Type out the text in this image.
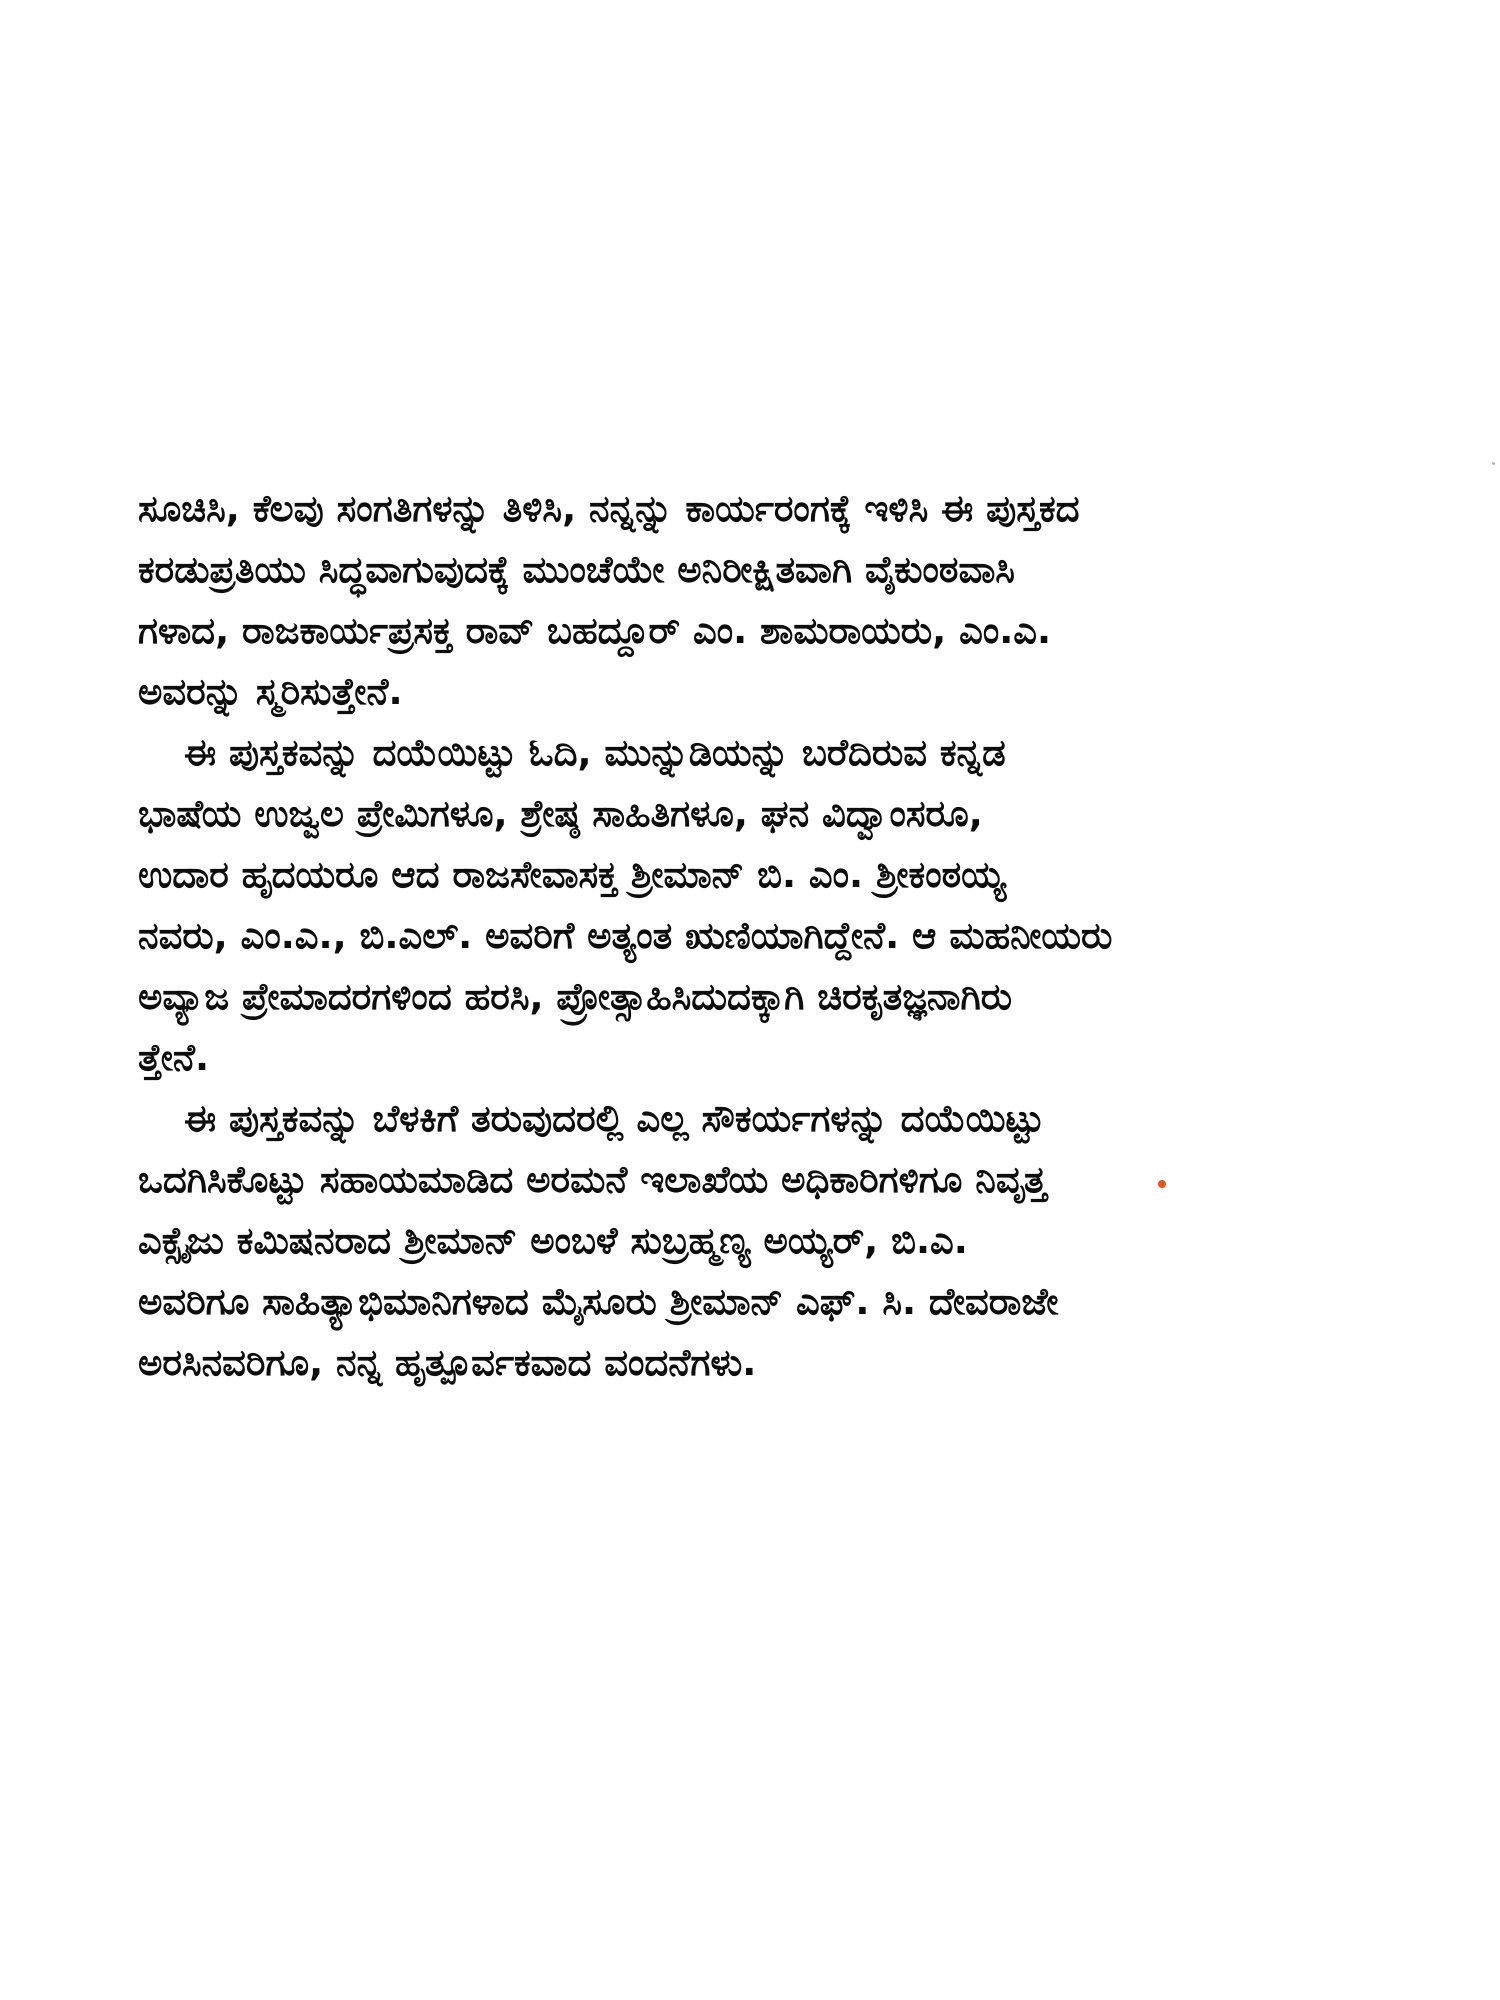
ಸೂಚಿಸಿ, ಕೆಲವು ಸಂಗತಿಗಳನ್ನು ತಿಳಿಸಿ, ನನ್ನನ್ನು ಕಾರ್ಯರಂಗಕ್ಕೆ ಇಳಿಸಿ ಈ ಪುಸ್ತಕದ
ಕರಡುಪ್ರತಿಯು ಸಿದ್ಧವಾಗುವುದಕ್ಕೆ ಮುಂಚೆಯೇ ಅನಿರೀಕ್ಷಿತವಾಗಿ ವೈಕುಂಠವಾಸಿ
ಗಳಾದ, ರಾಜಕಾರ್ಯಪ್ರಸಕ್ತ ರಾವ್ ಬಹದ್ದೂರ್ ಎಂ. ಶಾಮರಾಯರು, ಎಂ.ಎ.
ಅವರನ್ನು ಸ್ಮರಿಸುತ್ತೇನೆ.
ಈ ಪುಸ್ತಕವನ್ನು ದಯೆಯಿಟ್ಟು ಓದಿ, ಮುನ್ನುಡಿಯನ್ನು ಬರೆದಿರುವ ಕನ್ನಡ
ಭಾಷೆಯ ಉಜ್ವಲ ಪ್ರೇಮಿಗಳೂ, ಶ್ರೇಷ್ಠ ಸಾಹಿತಿಗಳೂ, ಘನ ವಿದ್ವಾಂಸರೂ,
ಉದಾರ ಹೃದಯರೂ ಆದ ರಾಜಸೇವಾಸಕ್ತ ಶ್ರೀಮಾನ್ ಬಿ. ಎಂ. ಶ್ರೀಕಂಠಯ್ಯ
ನವರು, ಎಂ.ಎ., ಬಿ.ಎಲ್. ಅವರಿಗೆ ಅತ್ಯಂತ ಋಣಿಯಾಗಿದ್ದೇನೆ. ಆ ಮಹನೀಯರು
ಅವ್ಯಾಜ ಪ್ರೇಮಾದರಗಳಿಂದ ಹರಸಿ, ಪ್ರೋತ್ಸಾಹಿಸಿದುದಕ್ಕಾಗಿ ಚಿರಕೃತಜ್ಞನಾಗಿರು
ತ್ತೇನೆ.
ಈ ಪುಸ್ತಕವನ್ನು ಬೆಳಕಿಗೆ ತರುವುದರಲ್ಲಿ ಎಲ್ಲ ಸೌಕರ್ಯಗಳನ್ನು ದಯೆಯಿಟ್ಟು
ಒದಗಿಸಿಕೊಟ್ಟು ಸಹಾಯಮಾಡಿದ ಅರಮನೆ ಇಲಾಖೆಯ ಅಧಿಕಾರಿಗಳಿಗೂ ನಿವೃತ್ತ
ಎಕ್ಸೈಜು ಕಮಿಷನರಾದ ಶ್ರೀಮಾನ್ ಅಂಬಳೆ ಸುಬ್ರಹ್ಮಣ್ಯ ಅಯ್ಯರ್, ಬಿ.ಎ.
ಅವರಿಗೂ ಸಾಹಿತ್ಯಾಭಿಮಾನಿಗಳಾದ ಮೈಸೂರು ಶ್ರೀಮಾನ್ ಎಫ್. ಸಿ. ದೇವರಾಜೇ
ಅರಸಿನವರಿಗೂ, ನನ್ನ ಹೃತ್ಪೂರ್ವಕವಾದ ವಂದನೆಗಳು.
